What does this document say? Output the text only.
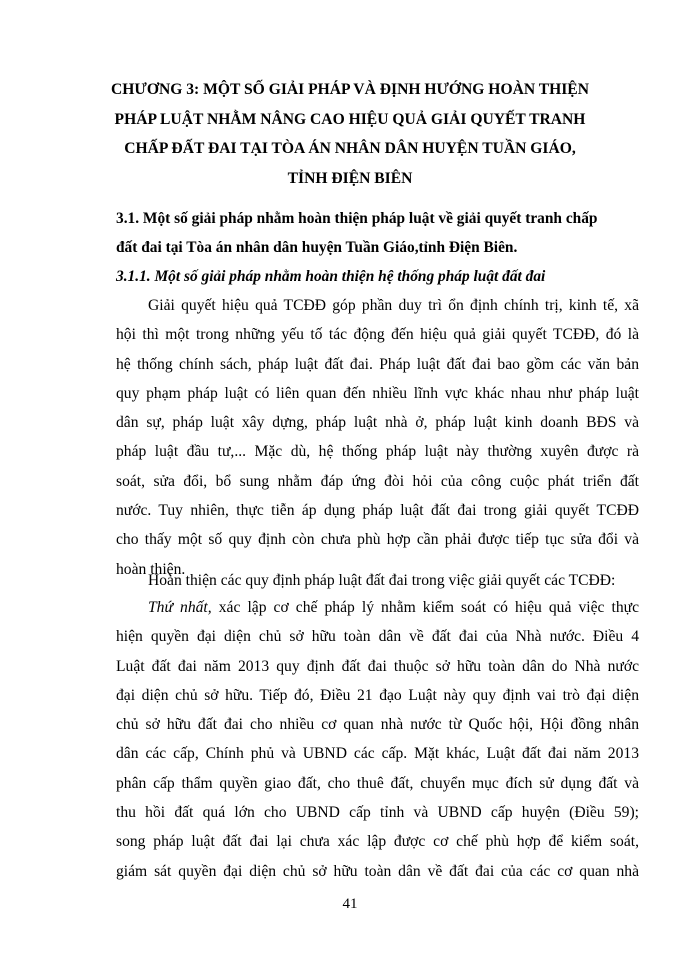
CHƯƠNG 3: MỘT SỐ GIẢI PHÁP VÀ ĐỊNH HƯỚNG HOÀN THIỆN
PHÁP LUẬT NHẰM NÂNG CAO HIỆU QUẢ GIẢI QUYẾT TRANH
CHẤP ĐẤT ĐAI TẠI TÒA ÁN NHÂN DÂN HUYỆN TUẦN GIÁO,
TỈNH ĐIỆN BIÊN
3.1. Một số giải pháp nhằm hoàn thiện pháp luật về giải quyết tranh chấp
đất đai tại Tòa án nhân dân huyện Tuần Giáo,tỉnh Điện Biên.
3.1.1. Một số giải pháp nhằm hoàn thiện hệ thống pháp luật đất đai

Giải quyết hiệu quả TCĐĐ góp phần duy trì ổn định chính trị, kinh tế, xã
hội thì một trong những yếu tố tác động đến hiệu quả giải quyết TCĐĐ, đó là
hệ thống chính sách, pháp luật đất đai. Pháp luật đất đai bao gồm các văn bản
quy phạm pháp luật có liên quan đến nhiều lĩnh vực khác nhau như pháp luật
dân sự, pháp luật xây dựng, pháp luật nhà ở, pháp luật kinh doanh BĐS và
pháp luật đầu tư,... Mặc dù, hệ thống pháp luật này thường xuyên được rà
soát, sửa đổi, bổ sung nhằm đáp ứng đòi hỏi của công cuộc phát triển đất
nước. Tuy nhiên, thực tiễn áp dụng pháp luật đất đai trong giải quyết TCĐĐ
cho thấy một số quy định còn chưa phù hợp cần phải được tiếp tục sửa đổi và
hoàn thiện.

Hoàn thiện các quy định pháp luật đất đai trong việc giải quyết các TCĐĐ:

Thứ nhất, xác lập cơ chế pháp lý nhằm kiểm soát có hiệu quả việc thực
hiện quyền đại diện chủ sở hữu toàn dân về đất đai của Nhà nước. Điều 4
Luật đất đai năm 2013 quy định đất đai thuộc sở hữu toàn dân do Nhà nước
đại diện chủ sở hữu. Tiếp đó, Điều 21 đạo Luật này quy định vai trò đại diện
chủ sở hữu đất đai cho nhiều cơ quan nhà nước từ Quốc hội, Hội đồng nhân
dân các cấp, Chính phủ và UBND các cấp. Mặt khác, Luật đất đai năm 2013
phân cấp thẩm quyền giao đất, cho thuê đất, chuyển mục đích sử dụng đất và
thu hồi đất quá lớn cho UBND cấp tỉnh và UBND cấp huyện (Điều 59);
song pháp luật đất đai lại chưa xác lập được cơ chế phù hợp để kiểm soát,
giám sát quyền đại diện chủ sở hữu toàn dân về đất đai của các cơ quan nhà

41
